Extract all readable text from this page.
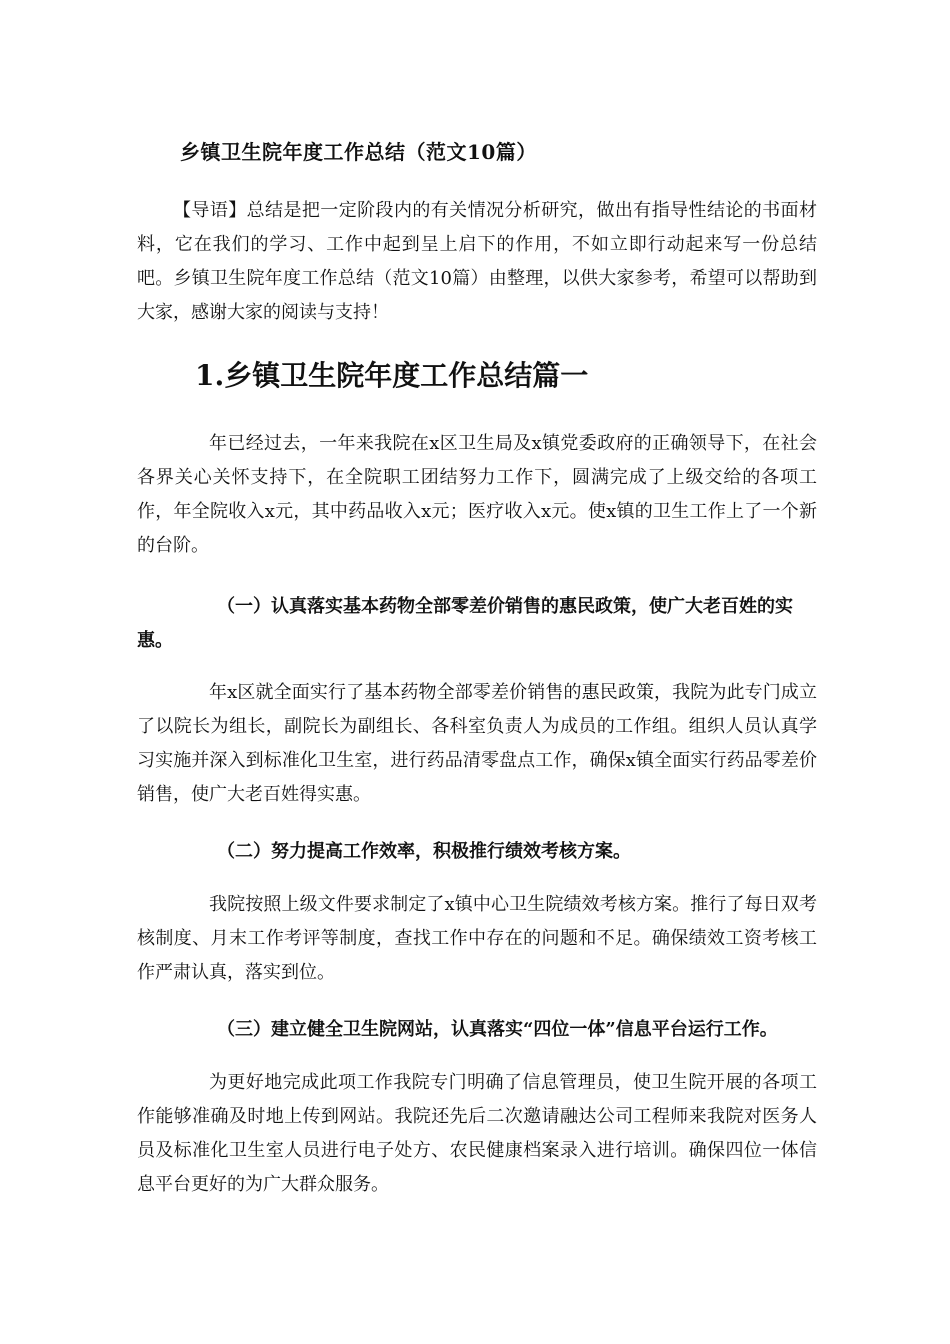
乡镇卫生院年度工作总结（范文10篇）
【导语】总结是把一定阶段内的有关情况分析研究，做出有指导性结论的书面材料，它在我们的学习、工作中起到呈上启下的作用，不如立即行动起来写一份总结吧。乡镇卫生院年度工作总结（范文10篇）由整理，以供大家参考，希望可以帮助到大家，感谢大家的阅读与支持！
1.乡镇卫生院年度工作总结篇一
年已经过去，一年来我院在x区卫生局及x镇党委政府的正确领导下，在社会各界关心关怀支持下，在全院职工团结努力工作下，圆满完成了上级交给的各项工作，年全院收入x元，其中药品收入x元；医疗收入x元。使x镇的卫生工作上了一个新的台阶。
（一）认真落实基本药物全部零差价销售的惠民政策，使广大老百姓的实惠。
年x区就全面实行了基本药物全部零差价销售的惠民政策，我院为此专门成立了以院长为组长，副院长为副组长、各科室负责人为成员的工作组。组织人员认真学习实施并深入到标准化卫生室，进行药品清零盘点工作，确保x镇全面实行药品零差价销售，使广大老百姓得实惠。
（二）努力提高工作效率，积极推行绩效考核方案。
我院按照上级文件要求制定了x镇中心卫生院绩效考核方案。推行了每日双考核制度、月末工作考评等制度，查找工作中存在的问题和不足。确保绩效工资考核工作严肃认真，落实到位。
（三）建立健全卫生院网站，认真落实“四位一体”信息平台运行工作。
为更好地完成此项工作我院专门明确了信息管理员，使卫生院开展的各项工作能够准确及时地上传到网站。我院还先后二次邀请融达公司工程师来我院对医务人员及标准化卫生室人员进行电子处方、农民健康档案录入进行培训。确保四位一体信息平台更好的为广大群众服务。
